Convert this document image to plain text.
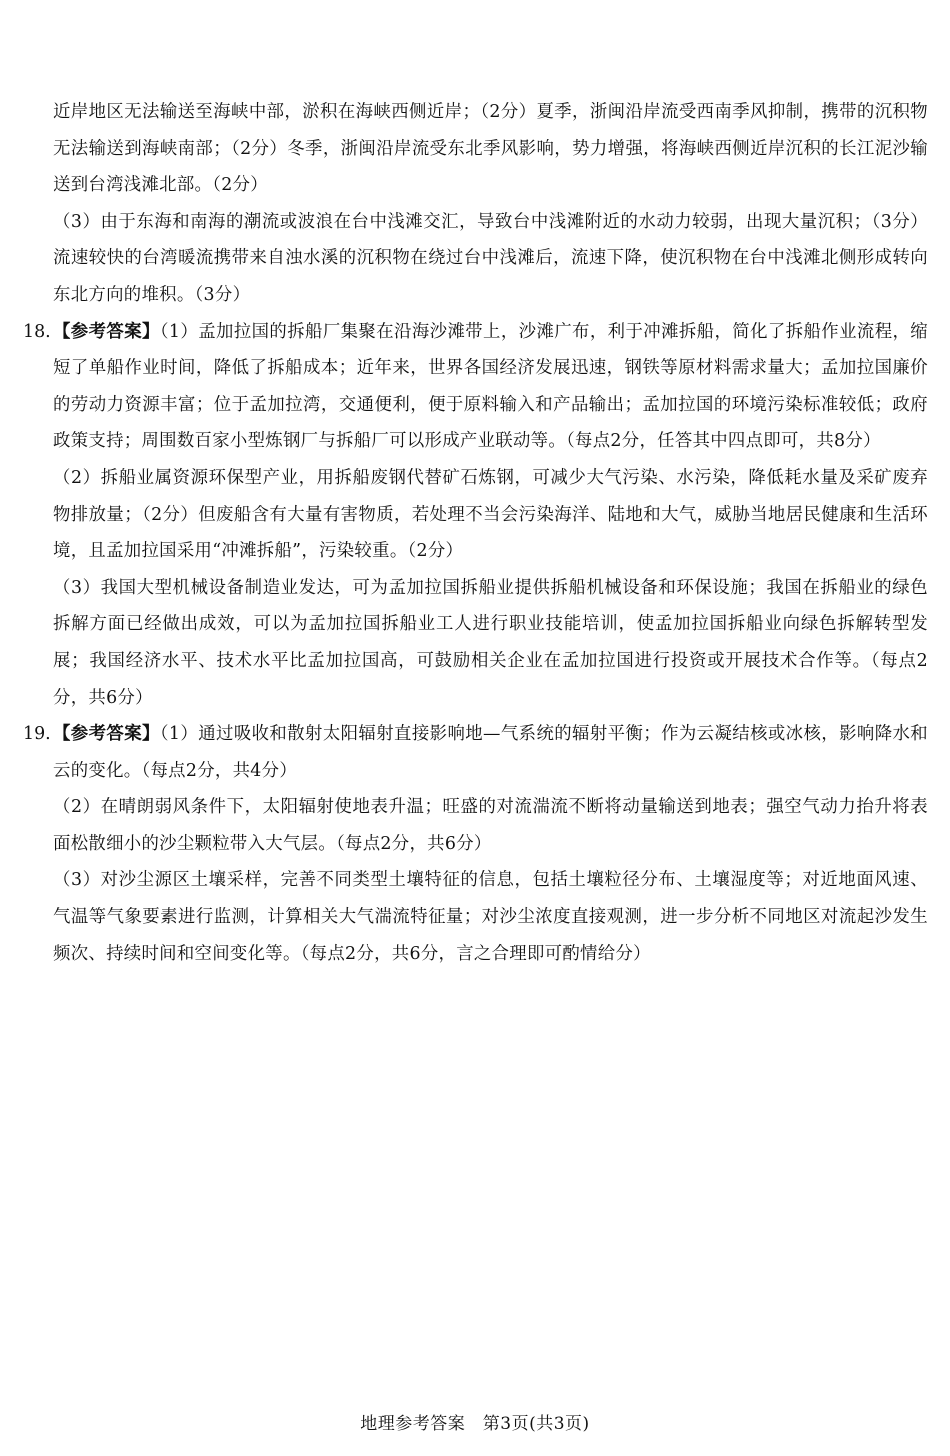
近岸地区无法输送至海峡中部，淤积在海峡西侧近岸；（2分）夏季，浙闽沿岸流受西南季风抑制，携带的沉积物无法输送到海峡南部；（2分）冬季，浙闽沿岸流受东北季风影响，势力增强，将海峡西侧近岸沉积的长江泥沙输送到台湾浅滩北部。（2分）

（3）由于东海和南海的潮流或波浪在台中浅滩交汇，导致台中浅滩附近的水动力较弱，出现大量沉积；（3分）流速较快的台湾暖流携带来自浊水溪的沉积物在绕过台中浅滩后，流速下降，使沉积物在台中浅滩北侧形成转向东北方向的堆积。（3分）

18. 【参考答案】（1）孟加拉国的拆船厂集聚在沿海沙滩带上，沙滩广布，利于冲滩拆船，简化了拆船作业流程，缩短了单船作业时间，降低了拆船成本；近年来，世界各国经济发展迅速，钢铁等原材料需求量大；孟加拉国廉价的劳动力资源丰富；位于孟加拉湾，交通便利，便于原料输入和产品输出；孟加拉国的环境污染标准较低；政府政策支持；周围数百家小型炼钢厂与拆船厂可以形成产业联动等。（每点2分，任答其中四点即可，共8分）

（2）拆船业属资源环保型产业，用拆船废钢代替矿石炼钢，可减少大气污染、水污染，降低耗水量及采矿废弃物排放量；（2分）但废船含有大量有害物质，若处理不当会污染海洋、陆地和大气，威胁当地居民健康和生活环境，且孟加拉国采用“冲滩拆船”，污染较重。（2分）

（3）我国大型机械设备制造业发达，可为孟加拉国拆船业提供拆船机械设备和环保设施；我国在拆船业的绿色拆解方面已经做出成效，可以为孟加拉国拆船业工人进行职业技能培训，使孟加拉国拆船业向绿色拆解转型发展；我国经济水平、技术水平比孟加拉国高，可鼓励相关企业在孟加拉国进行投资或开展技术合作等。（每点2分，共6分）

19. 【参考答案】（1）通过吸收和散射太阳辐射直接影响地—气系统的辐射平衡；作为云凝结核或冰核，影响降水和云的变化。（每点2分，共4分）

（2）在晴朗弱风条件下，太阳辐射使地表升温；旺盛的对流湍流不断将动量输送到地表；强空气动力抬升将表面松散细小的沙尘颗粒带入大气层。（每点2分，共6分）

（3）对沙尘源区土壤采样，完善不同类型土壤特征的信息，包括土壤粒径分布、土壤湿度等；对近地面风速、气温等气象要素进行监测，计算相关大气湍流特征量；对沙尘浓度直接观测，进一步分析不同地区对流起沙发生频次、持续时间和空间变化等。（每点2分，共6分，言之合理即可酌情给分）

地理参考答案　第3页(共3页)
